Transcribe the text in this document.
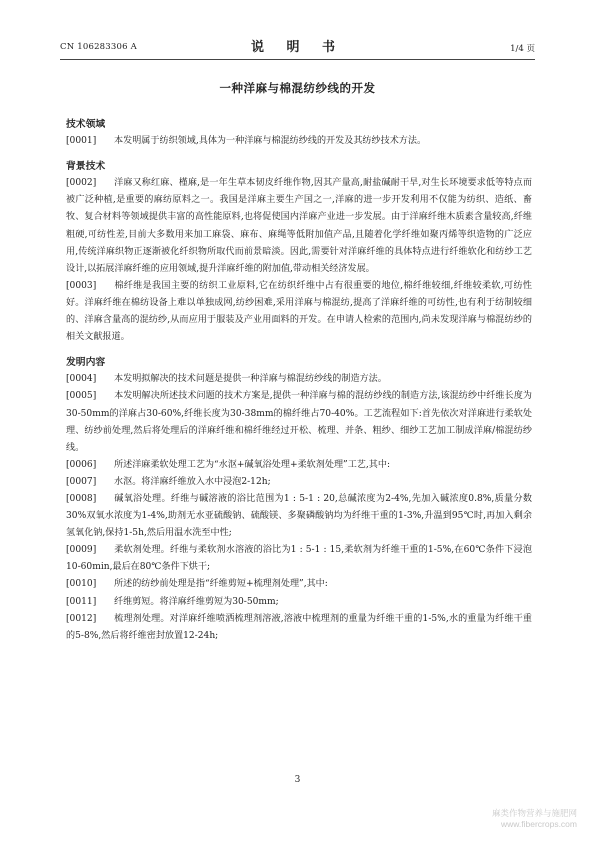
CN 106283306 A	说 明 书	1/4 页
一种洋麻与棉混纺纱线的开发
技术领域

[0001] 本发明属于纺织领域,具体为一种洋麻与棉混纺纱线的开发及其纺纱技术方法。

背景技术

[0002] 洋麻又称红麻、槿麻,是一年生草本韧皮纤维作物,因其产量高,耐盐碱耐干旱,对生长环境要求低等特点而被广泛种植,是重要的麻纺原料之一。我国是洋麻主要生产国之一,洋麻的进一步开发利用不仅能为纺织、造纸、畜牧、复合材料等领域提供丰富的高性能原料,也将促使国内洋麻产业进一步发展。由于洋麻纤维木质素含量较高,纤维粗硬,可纺性差,目前大多数用来加工麻袋、麻布、麻绳等低附加值产品,且随着化学纤维如聚丙烯等织造物的广泛应用,传统洋麻织物正逐渐被化纤织物所取代而前景暗淡。因此,需要针对洋麻纤维的具体特点进行纤维软化和纺纱工艺设计,以拓展洋麻纤维的应用领域,提升洋麻纤维的附加值,带动相关经济发展。

[0003] 棉纤维是我国主要的纺织工业原料,它在纺织纤维中占有很重要的地位,棉纤维较细,纤维较柔软,可纺性好。洋麻纤维在棉纺设备上难以单独成网,纺纱困难,采用洋麻与棉混纺,提高了洋麻纤维的可纺性,也有利于纺制较细的、洋麻含量高的混纺纱,从而应用于服装及产业用面料的开发。在申请人检索的范围内,尚未发现洋麻与棉混纺纱的相关文献报道。

发明内容

[0004] 本发明拟解决的技术问题是提供一种洋麻与棉混纺纱线的制造方法。

[0005] 本发明解决所述技术问题的技术方案是,提供一种洋麻与棉的混纺纱线的制造方法,该混纺纱中纤维长度为30-50mm的洋麻占30-60%,纤维长度为30-38mm的棉纤维占70-40%。工艺流程如下:首先依次对洋麻进行柔软处理、纺纱前处理,然后将处理后的洋麻纤维和棉纤维经过开松、梳理、并条、粗纱、细纱工艺加工制成洋麻/棉混纺纱线。

[0006] 所述洋麻柔软处理工艺为“水沤+碱氧浴处理+柔软剂处理”工艺,其中:

[0007] 水沤。将洋麻纤维放入水中浸泡2-12h;

[0008] 碱氧浴处理。纤维与碱溶液的浴比范围为1 : 5-1 : 20,总碱浓度为2-4%,先加入碱浓度0.8%,质量分数30%双氧水浓度为1-4%,助剂无水亚硫酸钠、硫酸镁、多聚磷酸钠均为纤维干重的1-3%,升温到95℃时,再加入剩余氢氧化钠,保持1-5h,然后用温水洗至中性;

[0009] 柔软剂处理。纤维与柔软剂水溶液的浴比为1 : 5-1 : 15,柔软剂为纤维干重的1-5%,在60℃条件下浸泡10-60min,最后在80℃条件下烘干;

[0010] 所述的纺纱前处理是指“纤维剪短+梳理剂处理”,其中:

[0011] 纤维剪短。将洋麻纤维剪短为30-50mm;

[0012] 梳理剂处理。对洋麻纤维喷洒梳理剂溶液,溶液中梳理剂的重量为纤维干重的1-5%,水的重量为纤维干重的5-8%,然后将纤维密封放置12-24h;

3
麻类作物营养与施肥网
www.fibercrops.com
